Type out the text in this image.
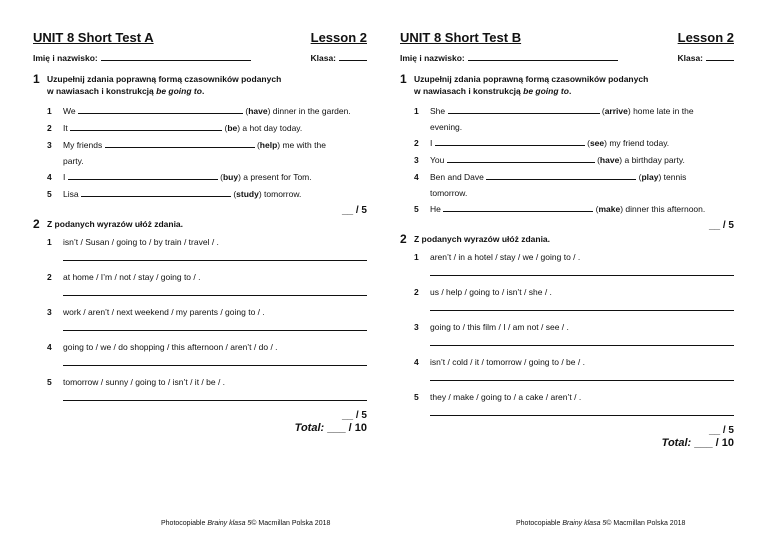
UNIT 8 Short Test A	Lesson 2
Imię i nazwisko:	Klasa:
1 Uzupełnij zdania poprawną formą czasowników podanych
w nawiasach i konstrukcją be going to.
1	We	(have) dinner in the garden.
2	It	(be) a hot day today.
3	My friends	(help) me with the
party.
4	I	(buy) a present for Tom.
5	Lisa	(study) tomorrow.
__ / 5
2 Z podanych wyrazów ułóż zdania.
1	isn’t / Susan / going to / by train / travel / .
2	at home / I’m / not / stay / going to / .
3	work / aren’t / next weekend / my parents / going to / .
4	going to / we / do shopping / this afternoon / aren’t / do / .
5	tomorrow / sunny / going to / isn’t / it / be / .
__ / 5
Total: ___ / 10
Photocopiable Brainy klasa 5© Macmillan Polska 2018
UNIT 8 Short Test B	Lesson 2
Imię i nazwisko:	Klasa:
1 Uzupełnij zdania poprawną formą czasowników podanych
w nawiasach i konstrukcją be going to.
1	She	(arrive) home late in the
evening.
2	I	(see) my friend today.
3	You	(have) a birthday party.
4	Ben and Dave	(play) tennis
tomorrow.
5	He	(make) dinner this afternoon.
__ / 5
2 Z podanych wyrazów ułóż zdania.
1	aren’t / in a hotel / stay / we / going to / .
2	us / help / going to / isn’t / she / .
3	going to / this film / I / am not / see / .
4	isn’t / cold / it / tomorrow / going to / be / .
5	they / make / going to / a cake / aren’t / .
__ / 5
Total: ___ / 10
Photocopiable Brainy klasa 5© Macmillan Polska 2018
